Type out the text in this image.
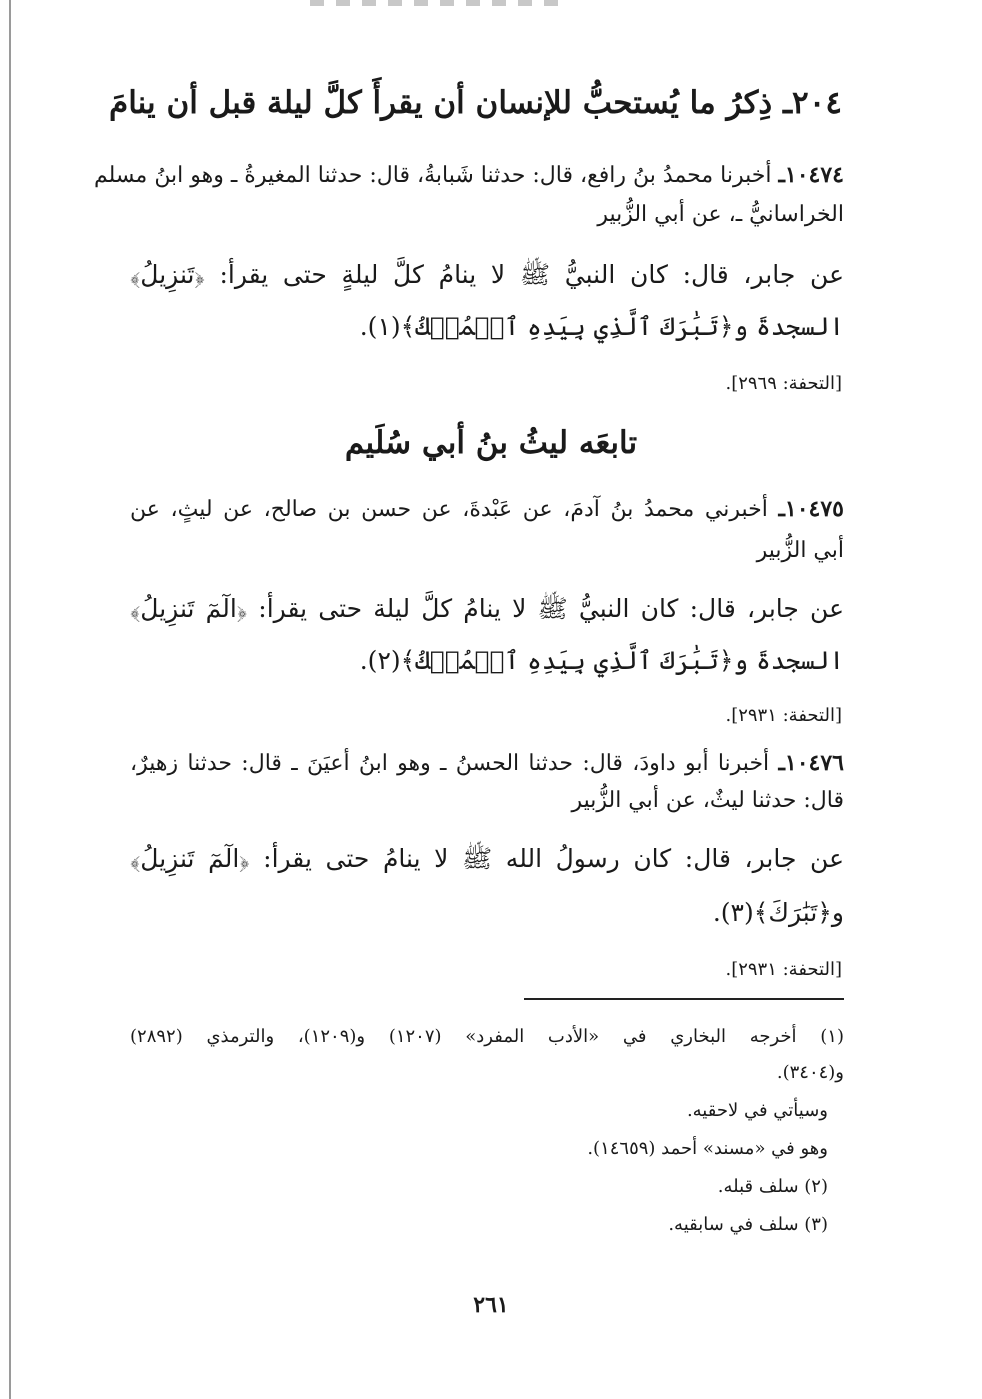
٢٠٤ـ ذِكرُ ما يُستحبُّ للإنسان أن يقرأَ كلَّ ليلة قبل أن ينامَ
١٠٤٧٤ـ أخبرنا محمدُ بنُ رافع، قال: حدثنا شَبابةُ، قال: حدثنا المغيرةُ ـ وهو ابنُ مسلم
الخراسانيُّ ـ، عن أبي الزُّبير
عن جابر، قال: كان النبيُّ ﷺ لا ينامُ كلَّ ليلةٍ حتى يقرأ: ﴿تَنزِيلُ﴾
السجدةَ و﴿تَبَٰرَكَ ٱلَّذِي بِيَدِهِ ٱلۡمُلۡكُ﴾(١).
[التحفة: ٢٩٦٩].
تابعَه ليثُ بنُ أبي سُلَيم
١٠٤٧٥ـ أخبرني محمدُ بنُ آدمَ، عن عَبْدةَ، عن حسن بن صالح، عن ليثٍ، عن
أبي الزُّبير
عن جابر، قال: كان النبيُّ ﷺ لا ينامُ كلَّ ليلة حتى يقرأ: ﴿الٓمٓ تَنزِيلُ﴾
السجدةَ و﴿تَبَٰرَكَ ٱلَّذِي بِيَدِهِ ٱلۡمُلۡكُ﴾(٢).
[التحفة: ٢٩٣١].
١٠٤٧٦ـ أخبرنا أبو داودَ، قال: حدثنا الحسنُ ـ وهو ابنُ أعيَنَ ـ قال: حدثنا زهيرٌ،
قال: حدثنا ليثٌ، عن أبي الزُّبير
عن جابر، قال: كان رسولُ الله ﷺ لا ينامُ حتى يقرأ: ﴿الٓمٓ تَنزِيلُ﴾
و﴿تَبَٰرَكَ﴾(٣).
[التحفة: ٢٩٣١].
(١) أخرجه البخاري في «الأدب المفرد» (١٢٠٧) و(١٢٠٩)، والترمذي (٢٨٩٢)
و(٣٤٠٤).
وسيأتي في لاحقيه.
وهو في «مسند» أحمد (١٤٦٥٩).
(٢) سلف قبله.
(٣) سلف في سابقيه.
٢٦١
